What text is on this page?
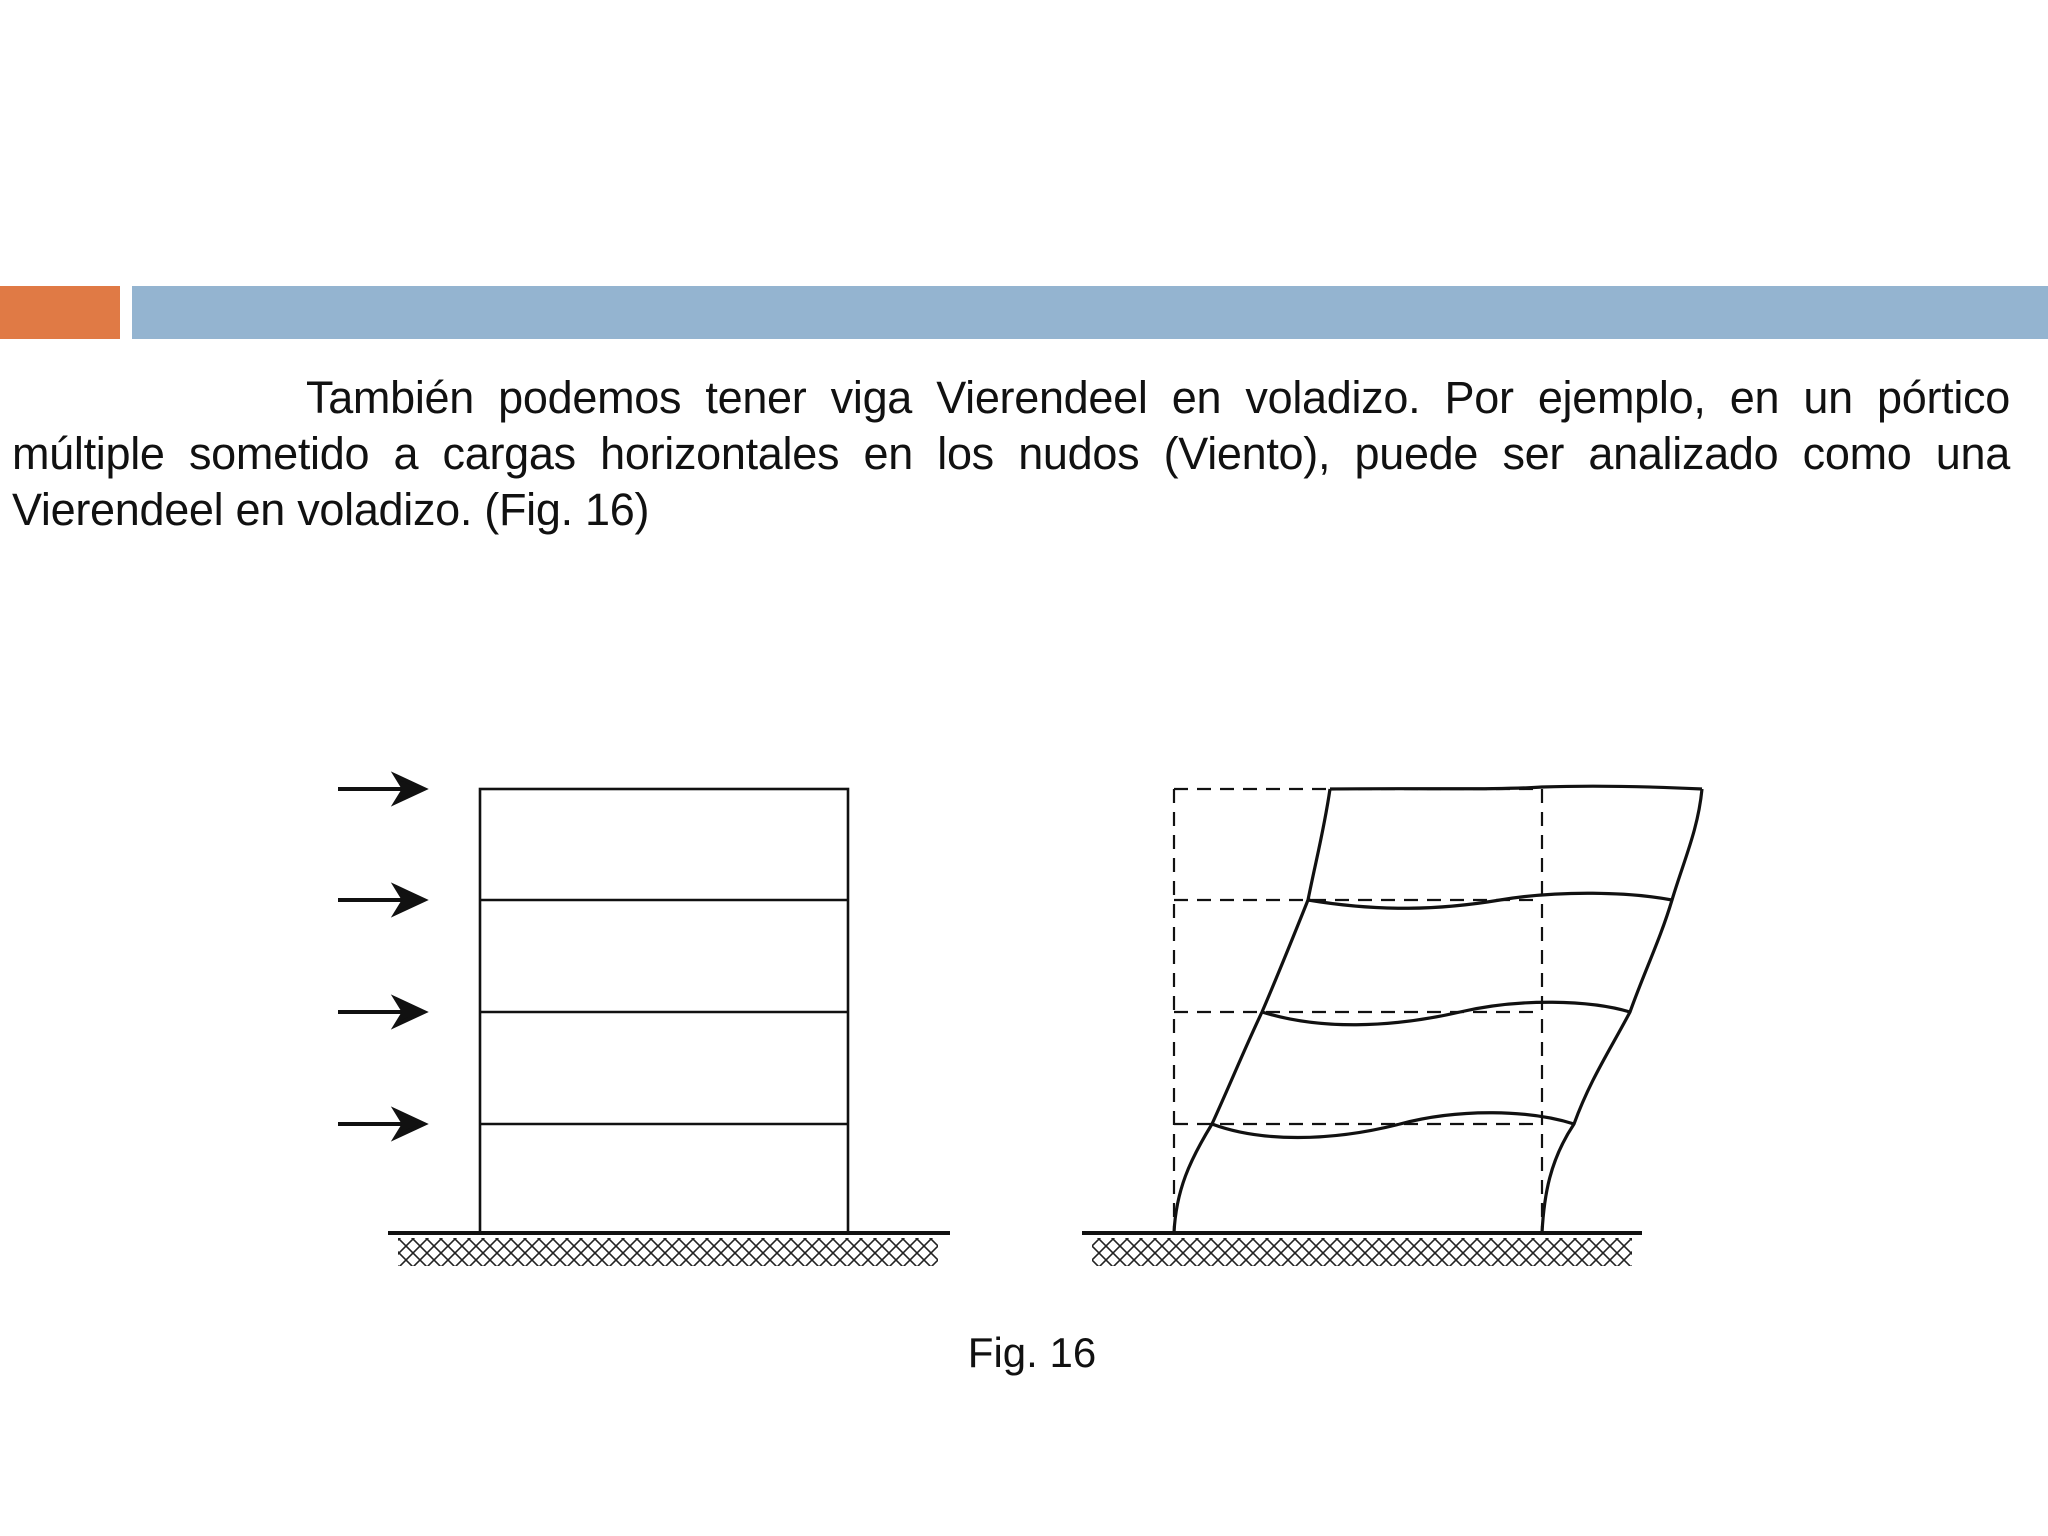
También podemos tener viga Vierendeel en voladizo. Por ejemplo, en un pórtico múltiple sometido a cargas horizontales en los nudos (Viento), puede ser analizado como una Vierendeel en voladizo. (Fig. 16)

Fig. 16
